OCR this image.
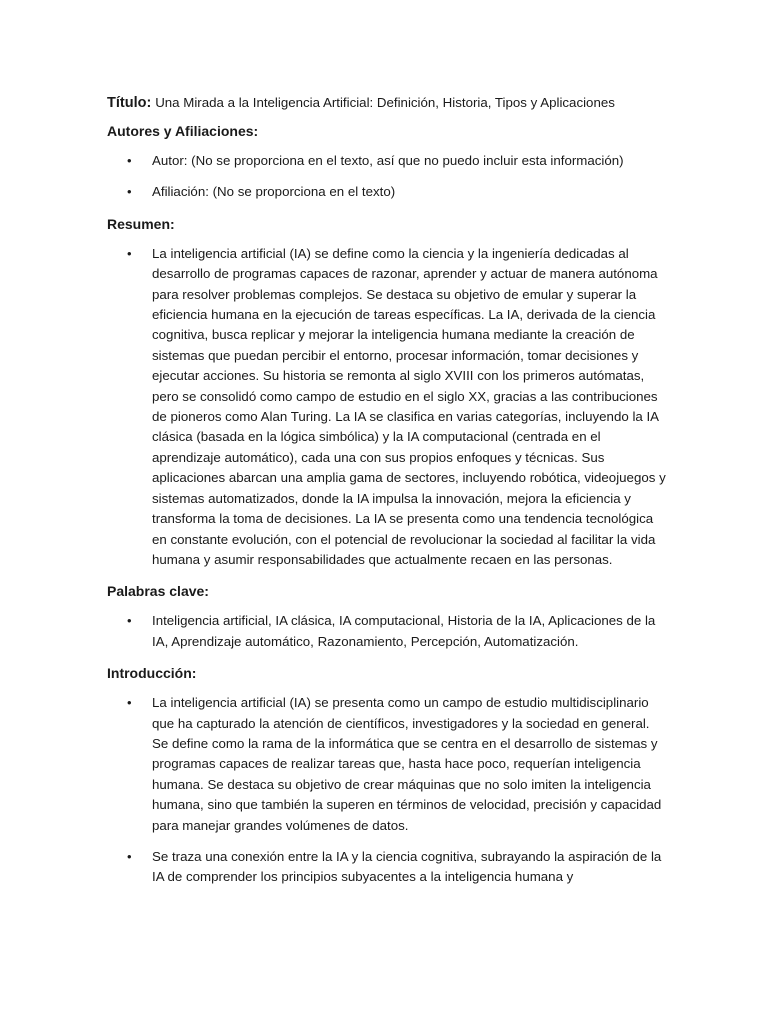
Título: Una Mirada a la Inteligencia Artificial: Definición, Historia, Tipos y Aplicaciones
Autores y Afiliaciones:
• Autor: (No se proporciona en el texto, así que no puedo incluir esta información)
• Afiliación: (No se proporciona en el texto)
Resumen:
• La inteligencia artificial (IA) se define como la ciencia y la ingeniería dedicadas al desarrollo de programas capaces de razonar, aprender y actuar de manera autónoma para resolver problemas complejos. Se destaca su objetivo de emular y superar la eficiencia humana en la ejecución de tareas específicas. La IA, derivada de la ciencia cognitiva, busca replicar y mejorar la inteligencia humana mediante la creación de sistemas que puedan percibir el entorno, procesar información, tomar decisiones y ejecutar acciones. Su historia se remonta al siglo XVIII con los primeros autómatas, pero se consolidó como campo de estudio en el siglo XX, gracias a las contribuciones de pioneros como Alan Turing. La IA se clasifica en varias categorías, incluyendo la IA clásica (basada en la lógica simbólica) y la IA computacional (centrada en el aprendizaje automático), cada una con sus propios enfoques y técnicas. Sus aplicaciones abarcan una amplia gama de sectores, incluyendo robótica, videojuegos y sistemas automatizados, donde la IA impulsa la innovación, mejora la eficiencia y transforma la toma de decisiones. La IA se presenta como una tendencia tecnológica en constante evolución, con el potencial de revolucionar la sociedad al facilitar la vida humana y asumir responsabilidades que actualmente recaen en las personas.
Palabras clave:
• Inteligencia artificial, IA clásica, IA computacional, Historia de la IA, Aplicaciones de la IA, Aprendizaje automático, Razonamiento, Percepción, Automatización.
Introducción:
• La inteligencia artificial (IA) se presenta como un campo de estudio multidisciplinario que ha capturado la atención de científicos, investigadores y la sociedad en general. Se define como la rama de la informática que se centra en el desarrollo de sistemas y programas capaces de realizar tareas que, hasta hace poco, requerían inteligencia humana. Se destaca su objetivo de crear máquinas que no solo imiten la inteligencia humana, sino que también la superen en términos de velocidad, precisión y capacidad para manejar grandes volúmenes de datos.
• Se traza una conexión entre la IA y la ciencia cognitiva, subrayando la aspiración de la IA de comprender los principios subyacentes a la inteligencia humana y
